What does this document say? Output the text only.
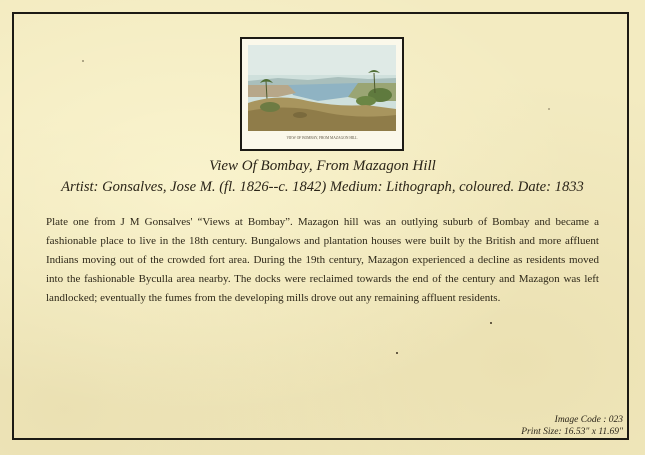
VIEW OF BOMBAY, FROM MAZAGON HILL
View Of Bombay, From Mazagon Hill
Artist: Gonsalves, Jose M. (fl. 1826--c. 1842) Medium: Lithograph, coloured. Date: 1833

Plate one from J M Gonsalves' “Views at Bombay”. Mazagon hill was an outlying suburb of Bombay and became a fashionable place to live in the 18th century. Bungalows and plantation houses were built by the British and more affluent Indians moving out of the crowded fort area. During the 19th century, Mazagon experienced a decline as residents moved into the fashionable Byculla area nearby. The docks were reclaimed towards the end of the century and Mazagon was left landlocked; eventually the fumes from the developing mills drove out any remaining affluent residents.

Image Code : 023
Print Size: 16.53" x 11.69"
